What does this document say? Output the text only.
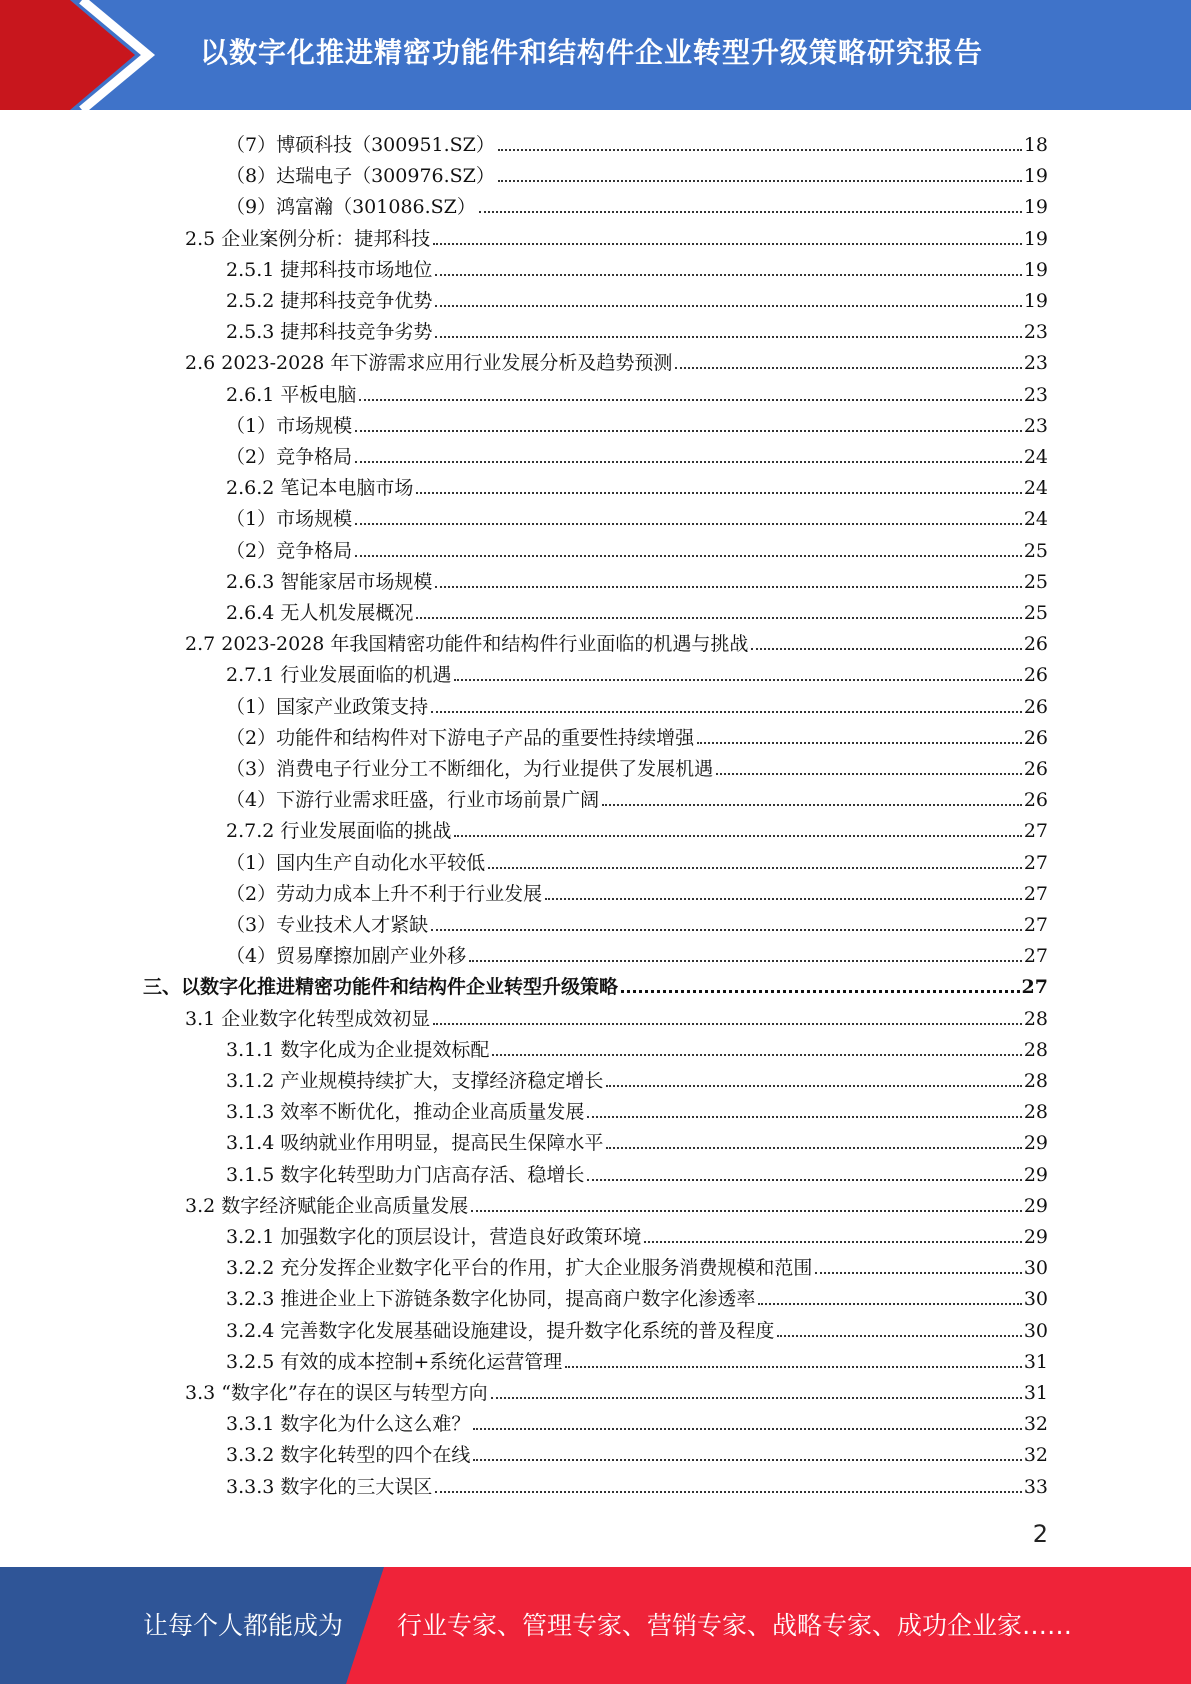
以数字化推进精密功能件和结构件企业转型升级策略研究报告
（7）博硕科技（300951.SZ）	18
（8）达瑞电子（300976.SZ）	19
（9）鸿富瀚（301086.SZ）	19
2.5 企业案例分析：捷邦科技	19
2.5.1 捷邦科技市场地位	19
2.5.2 捷邦科技竞争优势	19
2.5.3 捷邦科技竞争劣势	23
2.6 2023-2028 年下游需求应用行业发展分析及趋势预测	23
2.6.1 平板电脑	23
（1）市场规模	23
（2）竞争格局	24
2.6.2 笔记本电脑市场	24
（1）市场规模	24
（2）竞争格局	25
2.6.3 智能家居市场规模	25
2.6.4 无人机发展概况	25
2.7 2023-2028 年我国精密功能件和结构件行业面临的机遇与挑战	26
2.7.1 行业发展面临的机遇	26
（1）国家产业政策支持	26
（2）功能件和结构件对下游电子产品的重要性持续增强	26
（3）消费电子行业分工不断细化，为行业提供了发展机遇	26
（4）下游行业需求旺盛，行业市场前景广阔	26
2.7.2 行业发展面临的挑战	27
（1）国内生产自动化水平较低	27
（2）劳动力成本上升不利于行业发展	27
（3）专业技术人才紧缺	27
（4）贸易摩擦加剧产业外移	27
三、以数字化推进精密功能件和结构件企业转型升级策略	27
3.1 企业数字化转型成效初显	28
3.1.1 数字化成为企业提效标配	28
3.1.2 产业规模持续扩大，支撑经济稳定增长	28
3.1.3 效率不断优化，推动企业高质量发展	28
3.1.4 吸纳就业作用明显，提高民生保障水平	29
3.1.5 数字化转型助力门店高存活、稳增长	29
3.2 数字经济赋能企业高质量发展	29
3.2.1 加强数字化的顶层设计，营造良好政策环境	29
3.2.2 充分发挥企业数字化平台的作用，扩大企业服务消费规模和范围	30
3.2.3 推进企业上下游链条数字化协同，提高商户数字化渗透率	30
3.2.4 完善数字化发展基础设施建设，提升数字化系统的普及程度	30
3.2.5 有效的成本控制+系统化运营管理	31
3.3 “数字化”存在的误区与转型方向	31
3.3.1 数字化为什么这么难？	32
3.3.2 数字化转型的四个在线	32
3.3.3 数字化的三大误区	33
2
让每个人都能成为 行业专家、管理专家、营销专家、战略专家、成功企业家……
